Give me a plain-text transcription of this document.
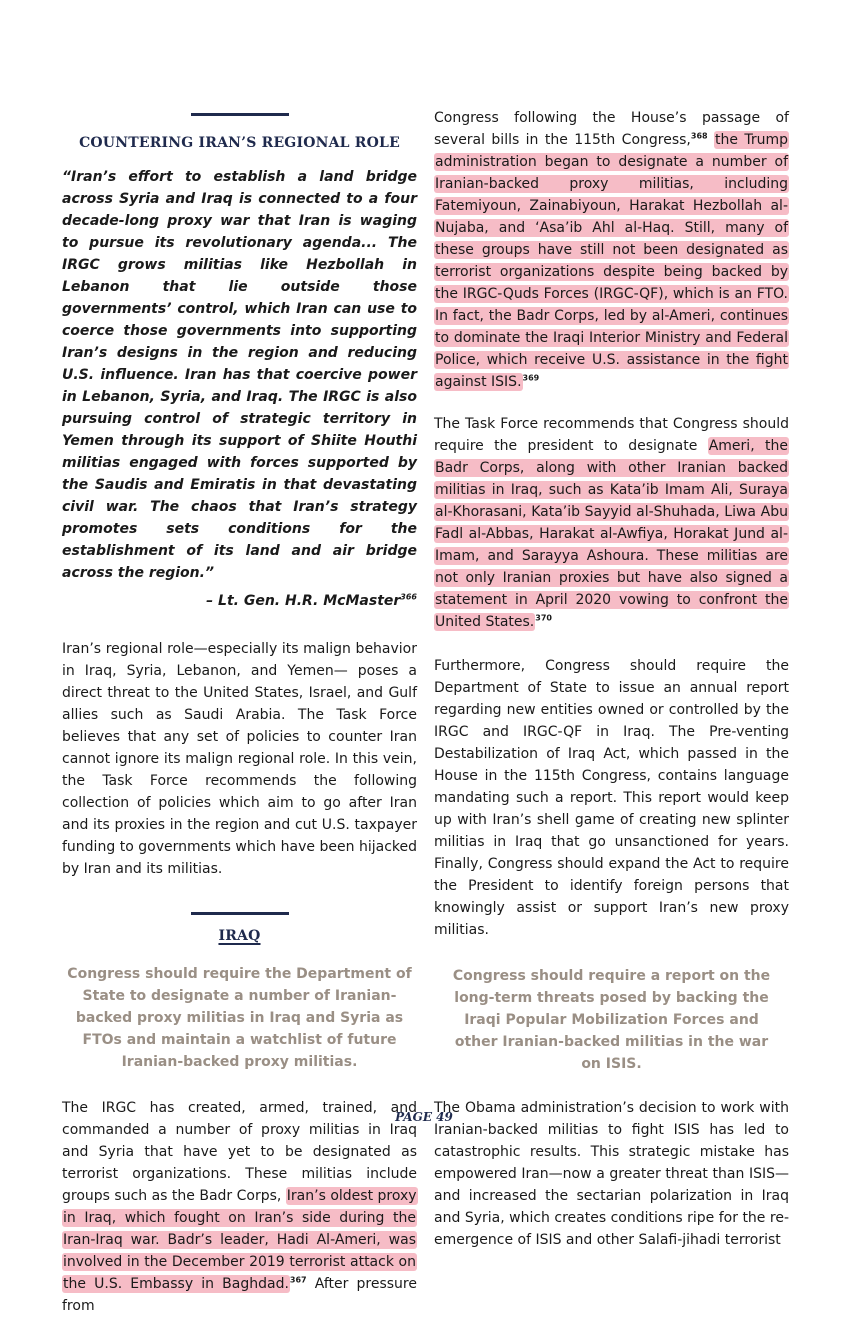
COUNTERING IRAN’S REGIONAL ROLE

“Iran’s effort to establish a land bridge across Syria and Iraq is connected to a four decade-long proxy war that Iran is waging to pursue its revolutionary agenda... The IRGC grows militias like Hezbollah in Lebanon that lie outside those governments’ control, which Iran can use to coerce those governments into supporting Iran’s designs in the region and reducing U.S. influence. Iran has that coercive power in Lebanon, Syria, and Iraq. The IRGC is also pursuing control of strategic territory in Yemen through its support of Shiite Houthi militias engaged with forces supported by the Saudis and Emiratis in that devastating civil war. The chaos that Iran’s strategy promotes sets conditions for the establishment of its land and air bridge across the region.”

– Lt. Gen. H.R. McMaster$^{366}$

Iran’s regional role—especially its malign behavior in Iraq, Syria, Lebanon, and Yemen— poses a direct threat to the United States, Israel, and Gulf allies such as Saudi Arabia. The Task Force believes that any set of policies to counter Iran cannot ignore its malign regional role. In this vein, the Task Force recommends the following collection of policies which aim to go after Iran and its proxies in the region and cut U.S. taxpayer funding to governments which have been hijacked by Iran and its militias.

IRAQ

Congress should require the Department of State to designate a number of Iranian-backed proxy militias in Iraq and Syria as FTOs and maintain a watchlist of future Iranian-backed proxy militias.

The IRGC has created, armed, trained, and commanded a number of proxy militias in Iraq and Syria that have yet to be designated as terrorist organizations. These militias include groups such as the Badr Corps, Iran’s oldest proxy in Iraq, which fought on Iran’s side during the Iran-Iraq war. Badr’s leader, Hadi Al-Ameri, was involved in the December 2019 terrorist attack on the U.S. Embassy in Baghdad.$^{367}$ After pressure from

Congress following the House’s passage of several bills in the 115th Congress,$^{368}$ the Trump administration began to designate a number of Iranian-backed proxy militias, including Fatemiyoun, Zainabiyoun, Harakat Hezbollah al-Nujaba, and ‘Asa’ib Ahl al-Haq. Still, many of these groups have still not been designated as terrorist organizations despite being backed by the IRGC-Quds Forces (IRGC-QF), which is an FTO. In fact, the Badr Corps, led by al-Ameri, continues to dominate the Iraqi Interior Ministry and Federal Police, which receive U.S. assistance in the fight against ISIS.$^{369}$

The Task Force recommends that Congress should require the president to designate Ameri, the Badr Corps, along with other Iranian backed militias in Iraq, such as Kata’ib Imam Ali, Suraya al-Khorasani, Kata’ib Sayyid al-Shuhada, Liwa Abu Fadl al-Abbas, Harakat al-Awfiya, Horakat Jund al-Imam, and Sarayya Ashoura. These militias are not only Iranian proxies but have also signed a statement in April 2020 vowing to confront the United States.$^{370}$

Furthermore, Congress should require the Department of State to issue an annual report regarding new entities owned or controlled by the IRGC and IRGC-QF in Iraq. The Pre-venting Destabilization of Iraq Act, which passed in the House in the 115th Congress, contains language mandating such a report. This report would keep up with Iran’s shell game of creating new splinter militias in Iraq that go unsanctioned for years. Finally, Congress should expand the Act to require the President to identify foreign persons that knowingly assist or support Iran’s new proxy militias.

Congress should require a report on the long-term threats posed by backing the Iraqi Popular Mobilization Forces and other Iranian-backed militias in the war on ISIS.

The Obama administration’s decision to work with Iranian-backed militias to fight ISIS has led to catastrophic results. This strategic mistake has empowered Iran—now a greater threat than ISIS—and increased the sectarian polarization in Iraq and Syria, which creates conditions ripe for the re-emergence of ISIS and other Salafi-jihadi terrorist

PAGE 49
